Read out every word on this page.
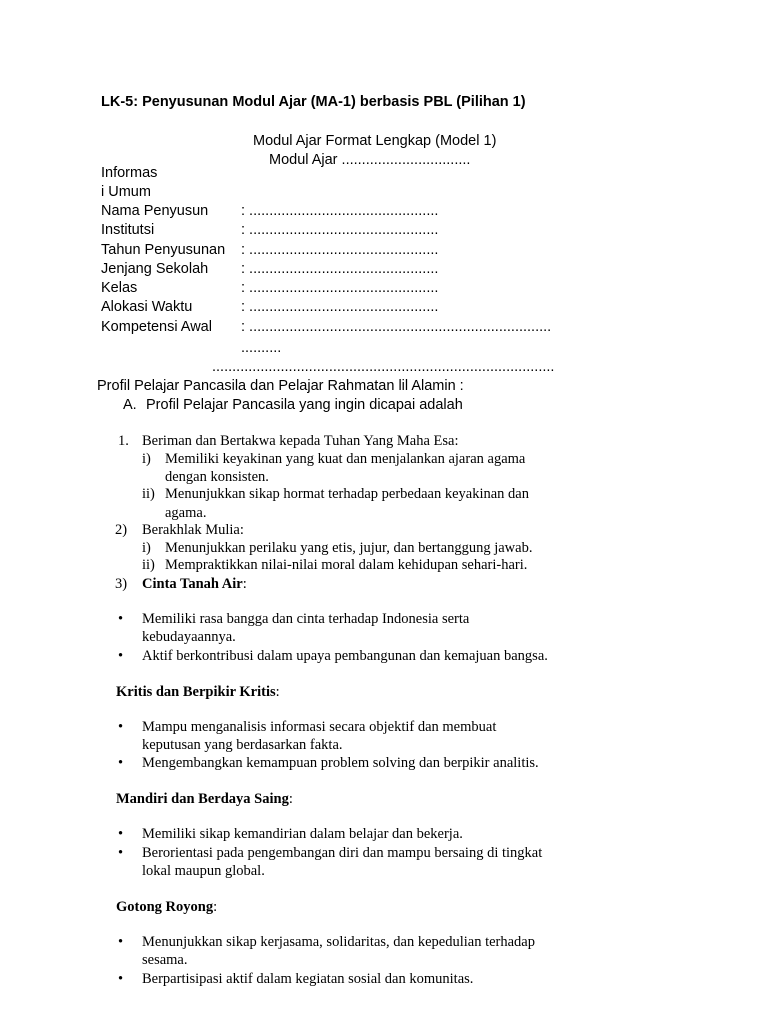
LK-5: Penyusunan Modul Ajar (MA-1) berbasis PBL (Pilihan 1)
Modul Ajar Format Lengkap (Model 1)
Modul Ajar ................................
Informas
i Umum
Nama Penyusun : ...............................................
Institutsi	: ...............................................
Tahun Penyusunan : ...............................................
Jenjang Sekolah : ...............................................
Kelas	: ...............................................
Alokasi Waktu	: ...............................................
Kompetensi Awal : ...........................................................................
..........
.....................................................................................
Profil Pelajar Pancasila dan Pelajar Rahmatan lil Alamin :
A. Profil Pelajar Pancasila yang ingin dicapai adalah
1. Beriman dan Bertakwa kepada Tuhan Yang Maha Esa:
i) Memiliki keyakinan yang kuat dan menjalankan ajaran agama
dengan konsisten.
ii) Menunjukkan sikap hormat terhadap perbedaan keyakinan dan
agama.
2) Berakhlak Mulia:
i) Menunjukkan perilaku yang etis, jujur, dan bertanggung jawab.
ii) Mempraktikkan nilai-nilai moral dalam kehidupan sehari-hari.
3) Cinta Tanah Air:
• Memiliki rasa bangga dan cinta terhadap Indonesia serta
kebudayaannya.
• Aktif berkontribusi dalam upaya pembangunan dan kemajuan bangsa.
Kritis dan Berpikir Kritis:
• Mampu menganalisis informasi secara objektif dan membuat
keputusan yang berdasarkan fakta.
• Mengembangkan kemampuan problem solving dan berpikir analitis.
Mandiri dan Berdaya Saing:
• Memiliki sikap kemandirian dalam belajar dan bekerja.
• Berorientasi pada pengembangan diri dan mampu bersaing di tingkat
lokal maupun global.
Gotong Royong:
• Menunjukkan sikap kerjasama, solidaritas, dan kepedulian terhadap
sesama.
• Berpartisipasi aktif dalam kegiatan sosial dan komunitas.
